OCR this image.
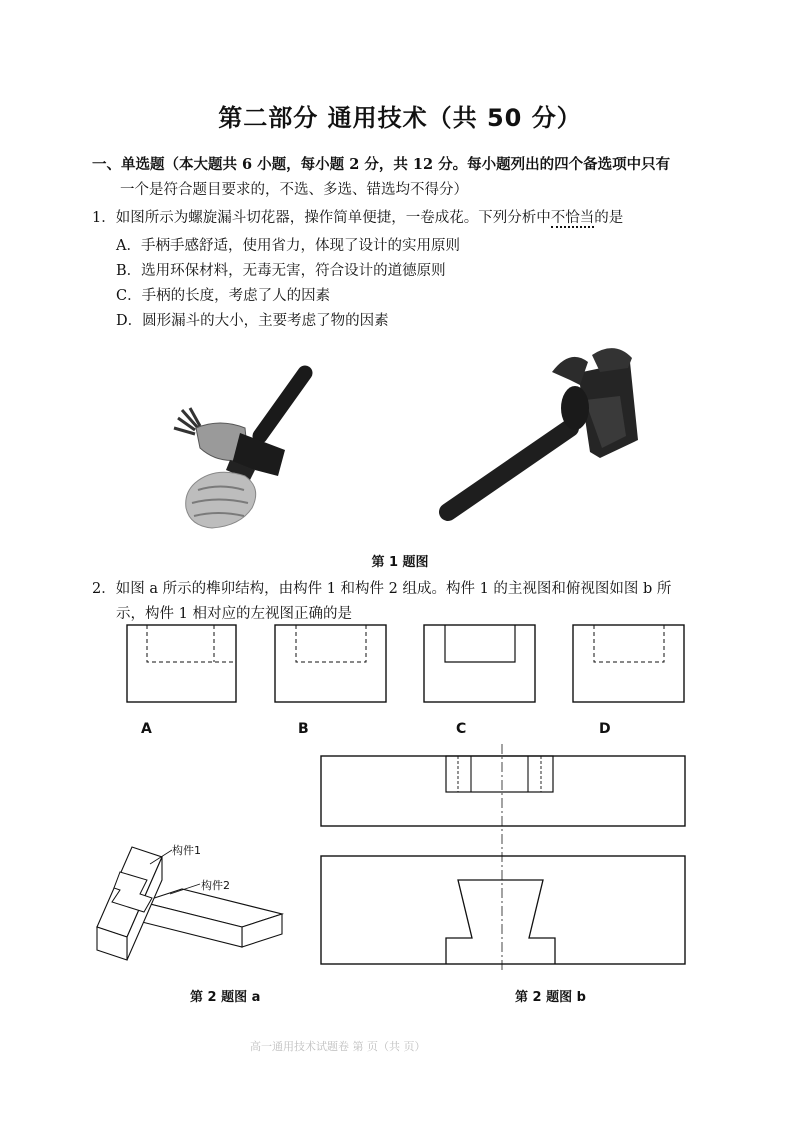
第二部分 通用技术（共 50 分）
一、单选题（本大题共 6 小题，每小题 2 分，共 12 分。每小题列出的四个备选项中只有
一个是符合题目要求的，不选、多选、错选均不得分）
1．如图所示为螺旋漏斗切花器，操作简单便捷，一卷成花。下列分析中不恰当的是
A．手柄手感舒适，使用省力，体现了设计的实用原则
B．选用环保材料，无毒无害，符合设计的道德原则
C．手柄的长度，考虑了人的因素
D．圆形漏斗的大小，主要考虑了物的因素
第 1 题图
2．如图 a 所示的榫卯结构，由构件 1 和构件 2 组成。构件 1 的主视图和俯视图如图 b 所
示，构件 1 相对应的左视图正确的是
A	B	C	D
构件1
构件2
第 2 题图 a	第 2 题图 b
高一通用技术试题卷 第 页（共 页）
